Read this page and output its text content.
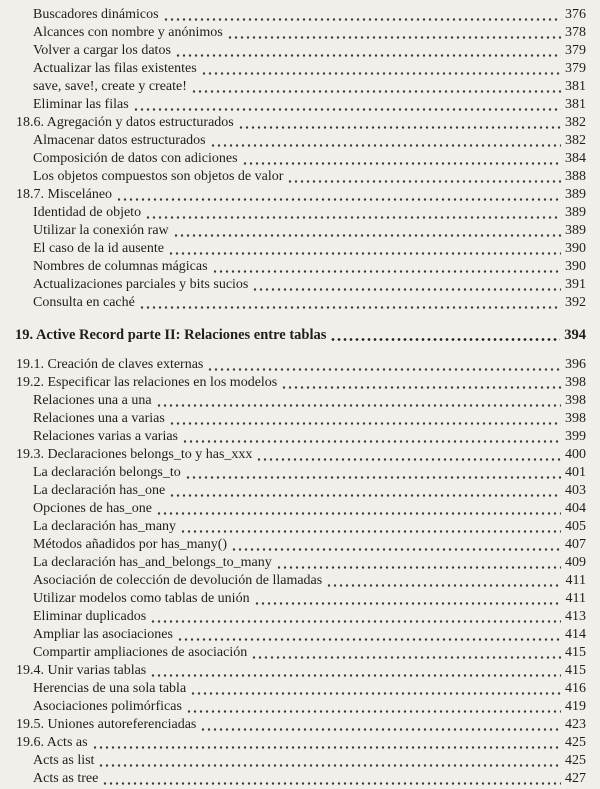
Buscadores dinámicos	376
Alcances con nombre y anónimos	378
Volver a cargar los datos	379
Actualizar las filas existentes	379
save, save!, create y create!	381
Eliminar las filas	381
18.6. Agregación y datos estructurados	382
Almacenar datos estructurados	382
Composición de datos con adiciones	384
Los objetos compuestos son objetos de valor	388
18.7. Misceláneo	389
Identidad de objeto	389
Utilizar la conexión raw	389
El caso de la id ausente	390
Nombres de columnas mágicas	390
Actualizaciones parciales y bits sucios	391
Consulta en caché	392
19. Active Record parte II: Relaciones entre tablas	394
19.1. Creación de claves externas	396
19.2. Especificar las relaciones en los modelos	398
Relaciones una a una	398
Relaciones una a varias	398
Relaciones varias a varias	399
19.3. Declaraciones belongs_to y has_xxx	400
La declaración belongs_to	401
La declaración has_one	403
Opciones de has_one	404
La declaración has_many	405
Métodos añadidos por has_many()	407
La declaración has_and_belongs_to_many	409
Asociación de colección de devolución de llamadas	411
Utilizar modelos como tablas de unión	411
Eliminar duplicados	413
Ampliar las asociaciones	414
Compartir ampliaciones de asociación	415
19.4. Unir varias tablas	415
Herencias de una sola tabla	416
Asociaciones polimórficas	419
19.5. Uniones autoreferenciadas	423
19.6. Acts as	425
Acts as list	425
Acts as tree	427
